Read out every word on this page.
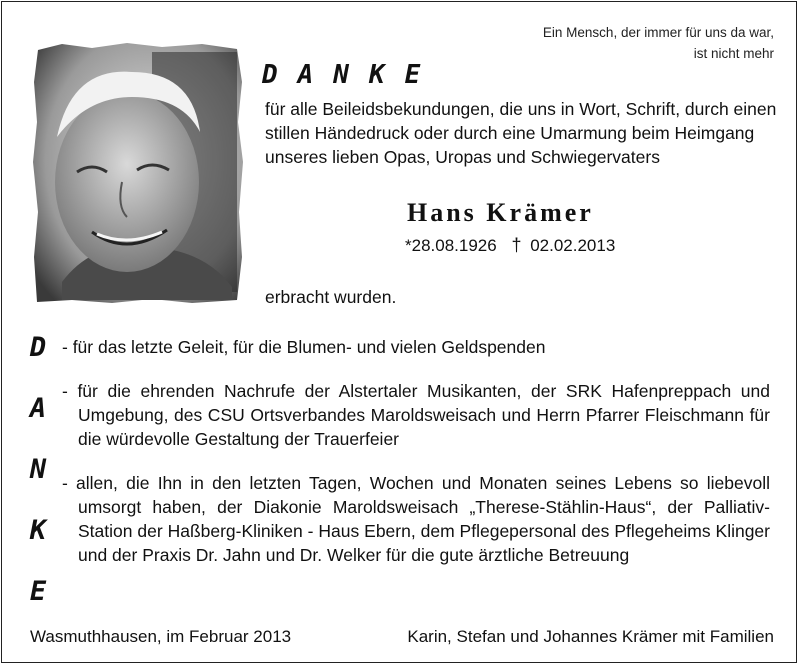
Ein Mensch, der immer für uns da war,
ist nicht mehr
DANKE
für alle Beileidsbekundungen, die uns in Wort, Schrift, durch einen stillen Händedruck oder durch eine Umarmung beim Heimgang unseres lieben Opas, Uropas und Schwiegervaters
Hans Krämer
*28.08.1926 † 02.02.2013
erbracht wurden.
D
A
N
K
E
- für das letzte Geleit, für die Blumen- und vielen Geldspenden
- für die ehrenden Nachrufe der Alstertaler Musikanten, der SRK Hafenpreppach und Umgebung, des CSU Ortsverbandes Maroldsweisach und Herrn Pfarrer Fleischmann für die würdevolle Gestaltung der Trauerfeier
- allen, die Ihn in den letzten Tagen, Wochen und Monaten seines Lebens so liebevoll umsorgt haben, der Diakonie Maroldsweisach „Therese-Stählin-Haus“, der Palliativ-Station der Haßberg-Kliniken - Haus Ebern, dem Pflegepersonal des Pflegeheims Klinger und der Praxis Dr. Jahn und Dr. Welker für die gute ärztliche Betreuung
Wasmuthhausen, im Februar 2013	Karin, Stefan und Johannes Krämer mit Familien
